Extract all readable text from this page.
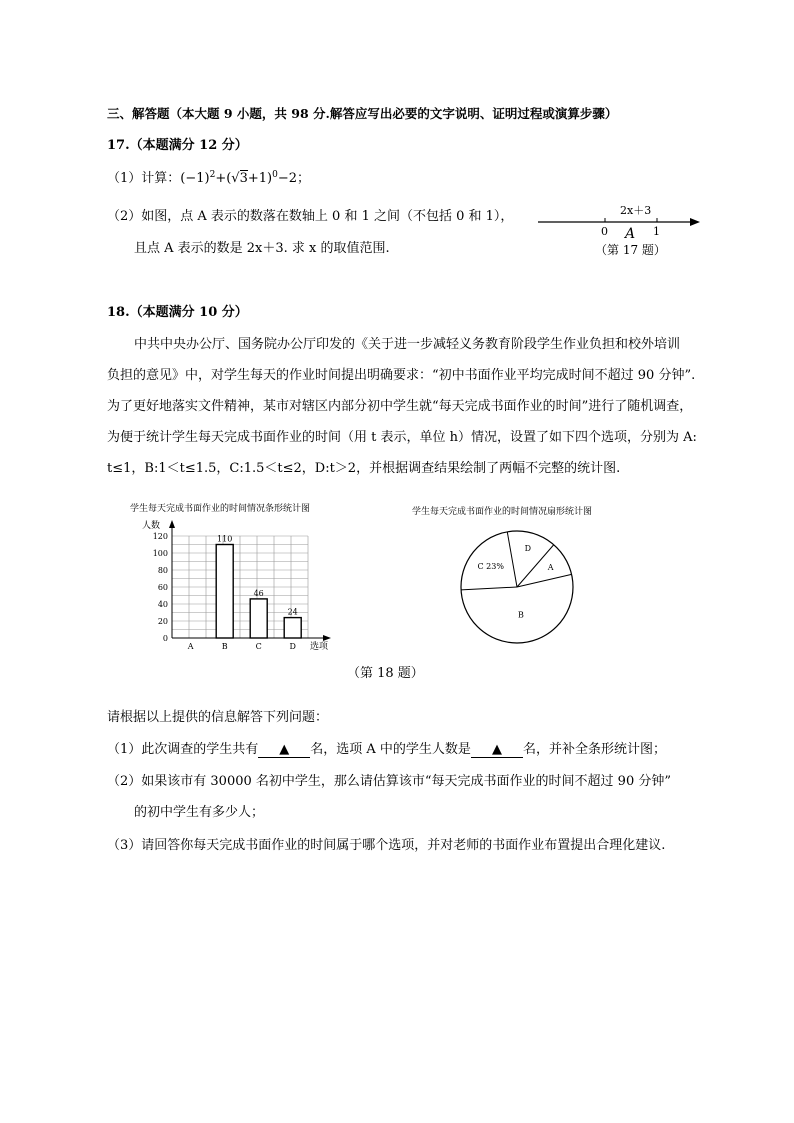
三、解答题（本大题 9 小题，共 98 分.解答应写出必要的文字说明、证明过程或演算步骤）
17.（本题满分 12 分）
（1）计算：$(-1)^2+(√3+1)^0-2$；
（2）如图，点 A 表示的数落在数轴上 0 和 1 之间（不包括 0 和 1），
且点 A 表示的数是 2x＋3. 求 x 的取值范围.
2x＋3
0	1
A
（第 17 题）
18.（本题满分 10 分）
中共中央办公厅、国务院办公厅印发的《关于进一步减轻义务教育阶段学生作业负担和校外培训
负担的意见》中，对学生每天的作业时间提出明确要求：“初中书面作业平均完成时间不超过 90 分钟”.
为了更好地落实文件精神，某市对辖区内部分初中学生就“每天完成书面作业的时间”进行了随机调查，
为便于统计学生每天完成书面作业的时间（用 t 表示，单位 h）情况，设置了如下四个选项，分别为 A:
t≤1，B:1＜t≤1.5，C:1.5＜t≤2，D:t＞2，并根据调查结果绘制了两幅不完整的统计图.
学生每天完成书面作业的时间情况条形统计图
人数
选项
0
20
40
60
80
100
120
A	B
110
C
46
D
24
学生每天完成书面作业的时间情况扇形统计图
D
A
B
C 23%
（第 18 题）
请根据以上提供的信息解答下列问题：
（1）此次调查的学生共有 ▲ 名，选项 A 中的学生人数是 ▲ 名，并补全条形统计图；
（2）如果该市有 30000 名初中学生，那么请估算该市“每天完成书面作业的时间不超过 90 分钟”
的初中学生有多少人；
（3）请回答你每天完成书面作业的时间属于哪个选项，并对老师的书面作业布置提出合理化建议.
